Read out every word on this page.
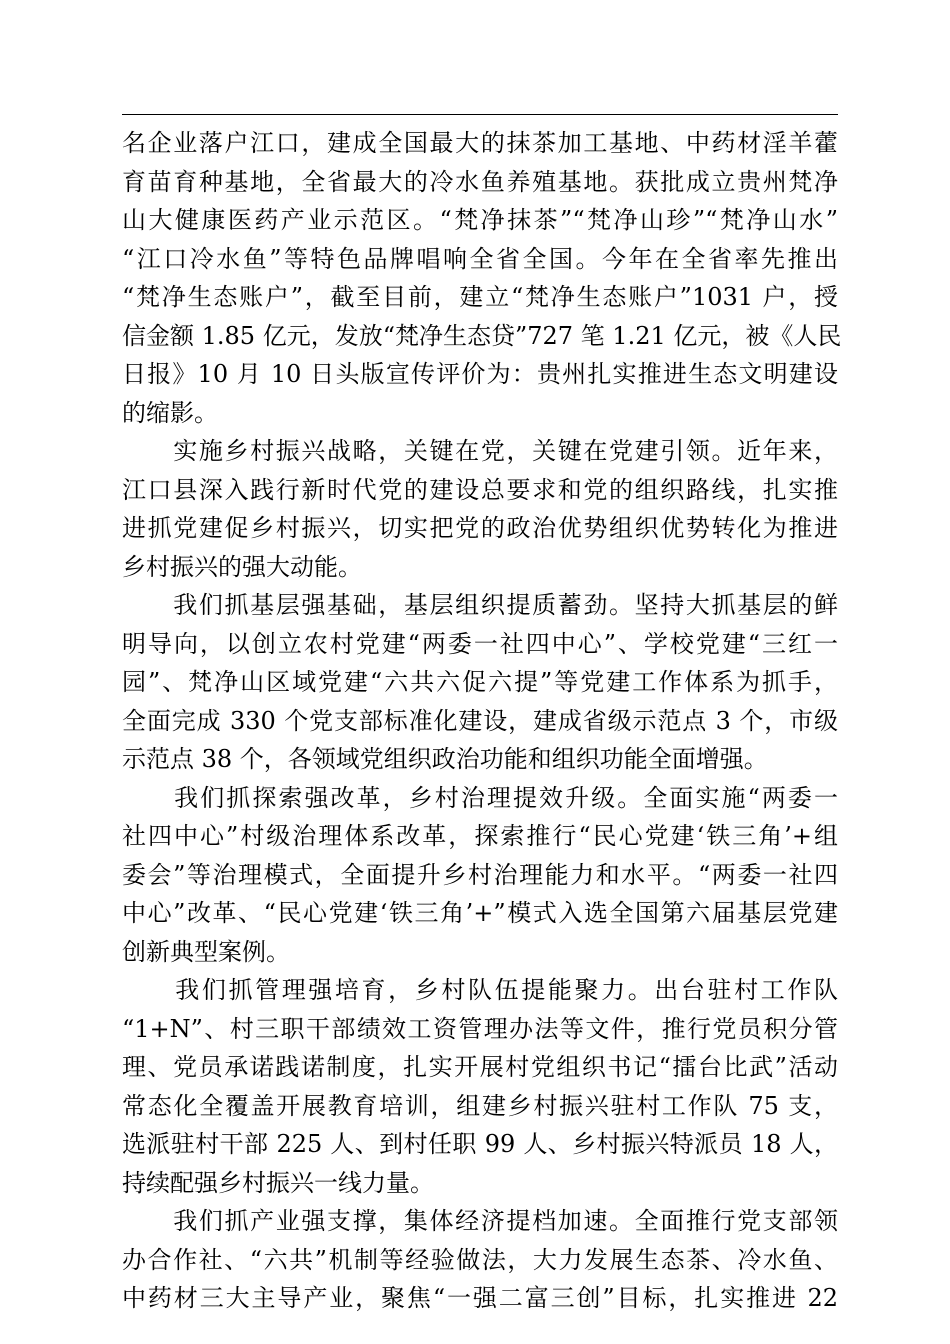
名企业落户江口，建成全国最大的抹茶加工基地、中药材淫羊藿
育苗育种基地，全省最大的冷水鱼养殖基地。获批成立贵州梵净
山大健康医药产业示范区。“梵净抹茶”“梵净山珍”“梵净山水”
“江口冷水鱼”等特色品牌唱响全省全国。今年在全省率先推出
“梵净生态账户”，截至目前，建立“梵净生态账户”1031 户，授
信金额 1.85 亿元，发放“梵净生态贷”727 笔 1.21 亿元，被《人民
日报》10 月 10 日头版宣传评价为：贵州扎实推进生态文明建设
的缩影。
　　实施乡村振兴战略，关键在党，关键在党建引领。近年来，
江口县深入践行新时代党的建设总要求和党的组织路线，扎实推
进抓党建促乡村振兴，切实把党的政治优势组织优势转化为推进
乡村振兴的强大动能。
　　我们抓基层强基础，基层组织提质蓄劲。坚持大抓基层的鲜
明导向，以创立农村党建“两委一社四中心”、学校党建“三红一
园”、梵净山区域党建“六共六促六提”等党建工作体系为抓手，
全面完成 330 个党支部标准化建设，建成省级示范点 3 个，市级
示范点 38 个，各领域党组织政治功能和组织功能全面增强。
　　我们抓探索强改革，乡村治理提效升级。全面实施“两委一
社四中心”村级治理体系改革，探索推行“民心党建‘铁三角’+组
委会”等治理模式，全面提升乡村治理能力和水平。“两委一社四
中心”改革、“民心党建‘铁三角’+”模式入选全国第六届基层党建
创新典型案例。
　　我们抓管理强培育，乡村队伍提能聚力。出台驻村工作队
“1+N”、村三职干部绩效工资管理办法等文件，推行党员积分管
理、党员承诺践诺制度，扎实开展村党组织书记“擂台比武”活动
常态化全覆盖开展教育培训，组建乡村振兴驻村工作队 75 支，
选派驻村干部 225 人、到村任职 99 人、乡村振兴特派员 18 人，
持续配强乡村振兴一线力量。
　　我们抓产业强支撑，集体经济提档加速。全面推行党支部领
办合作社、“六共”机制等经验做法，大力发展生态茶、冷水鱼、
中药材三大主导产业，聚焦“一强二富三创”目标，扎实推进 22
